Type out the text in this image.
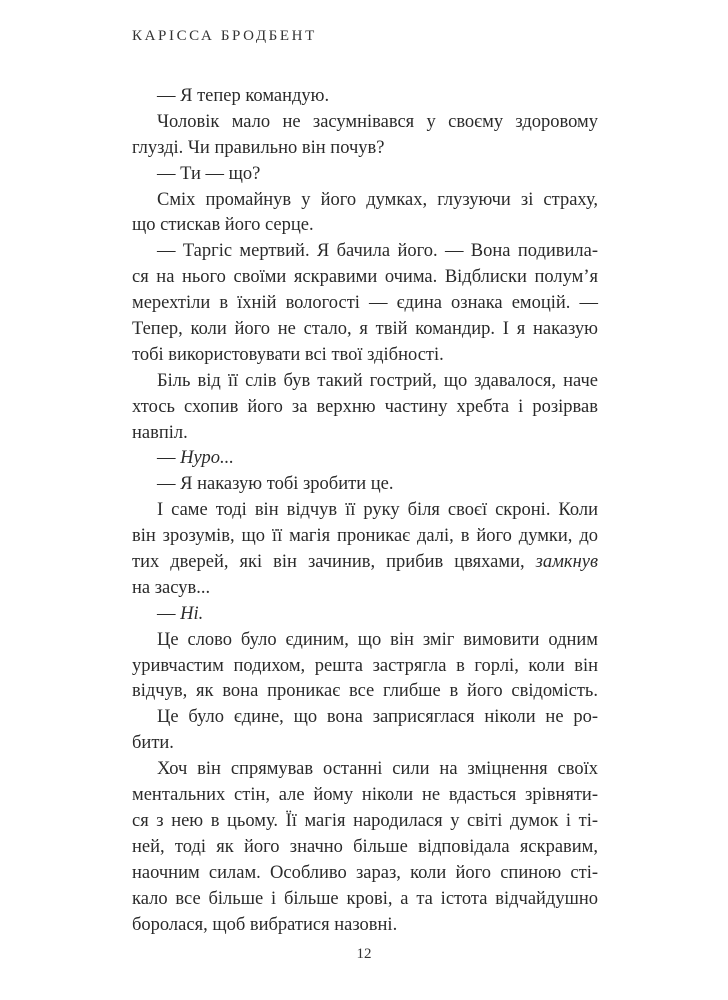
КАРІССА БРОДБЕНТ
— Я тепер командую.
Чоловік мало не засумнівався у своєму здоровому
глузді. Чи правильно він почув?
— Ти — що?
Сміх промайнув у його думках, глузуючи зі страху,
що стискав його серце.
— Таргіс мертвий. Я бачила його. — Вона подивила-
ся на нього своїми яскравими очима. Відблиски полум’я
мерехтіли в їхній вологості — єдина ознака емоцій. —
Тепер, коли його не стало, я твій командир. І я наказую
тобі використовувати всі твої здібності.
Біль від її слів був такий гострий, що здавалося, наче
хтось схопив його за верхню частину хребта і розірвав
навпіл.
— Нуро...
— Я наказую тобі зробити це.
І саме тоді він відчув її руку біля своєї скроні. Коли
він зрозумів, що її магія проникає далі, в його думки, до
тих дверей, які він зачинив, прибив цвяхами, замкнув
на засув...
— Ні.
Це слово було єдиним, що він зміг вимовити одним
уривчастим подихом, решта застрягла в горлі, коли він
відчув, як вона проникає все глибше в його свідомість.
Це було єдине, що вона заприсяглася ніколи не ро-
бити.
Хоч він спрямував останні сили на зміцнення своїх
ментальних стін, але йому ніколи не вдасться зрівняти-
ся з нею в цьому. Її магія народилася у світі думок і ті-
ней, тоді як його значно більше відповідала яскравим,
наочним силам. Особливо зараз, коли його спиною сті-
кало все більше і більше крові, а та істота відчайдушно
боролася, щоб вибратися назовні.
12
